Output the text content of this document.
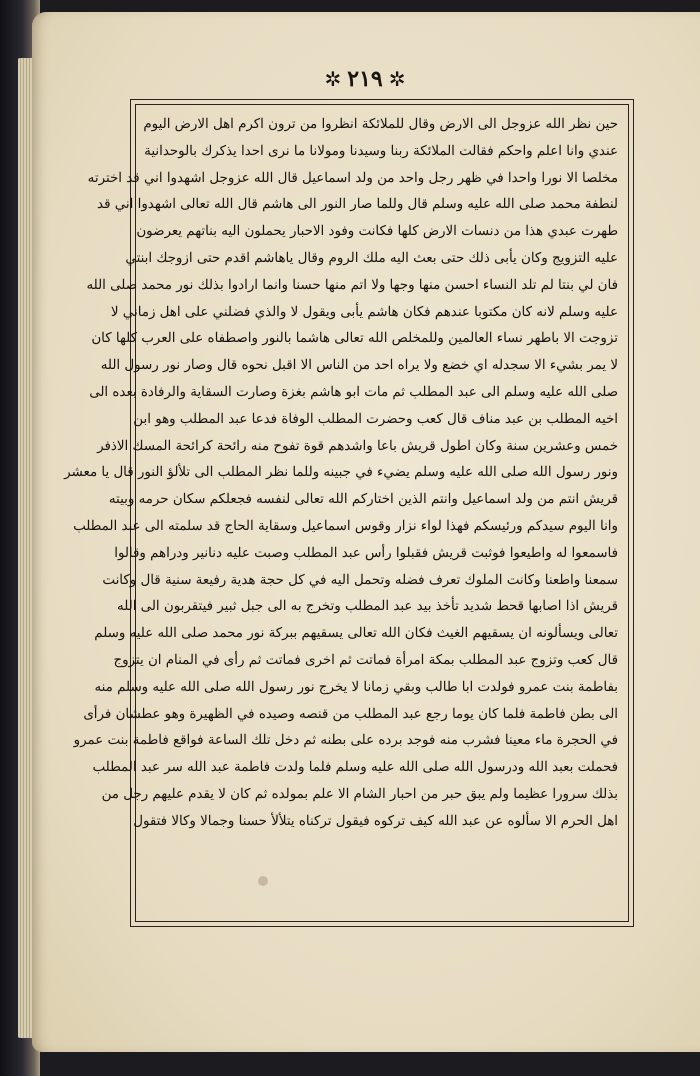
✲ ٢١٩ ✲
حين نظر الله عزوجل الى الارض وقال للملائكة انظروا من ترون اكرم اهل الارض اليوم
عندي وانا اعلم واحكم فقالت الملائكة ربنا وسيدنا ومولانا ما نرى احدا يذكرك بالوحدانية
مخلصا الا نورا واحدا في ظهر رجل واحد من ولد اسماعيل قال الله عزوجل اشهدوا اني قد اخترته
لنطفة محمد صلى الله عليه وسلم قال وللما صار النور الى هاشم قال الله تعالى اشهدوا اني قد
طهرت عبدي هذا من دنسات الارض كلها فكانت وفود الاحبار يحملون اليه بناتهم يعرضون
عليه التزويج وكان يأبى ذلك حتى بعث اليه ملك الروم وقال ياهاشم اقدم حتى ازوجك ابنتي
فان لي بنتا لم تلد النساء احسن منها وجها ولا اتم منها حسنا وانما ارادوا بذلك نور محمد صلى الله
عليه وسلم لانه كان مكتوبا عندهم فكان هاشم يأبى ويقول لا والذي فضلني على اهل زماني لا
تزوجت الا باطهر نساء العالمين وللمخلص الله تعالى هاشما بالنور واصطفاه على العرب كلها كان
لا يمر بشيء الا سجدله اي خضع ولا يراه احد من الناس الا اقبل نحوه قال وصار نور رسول الله
صلى الله عليه وسلم الى عبد المطلب ثم مات ابو هاشم بغزة وصارت السقاية والرفادة بعده الى
اخيه المطلب بن عبد مناف قال كعب وحضرت المطلب الوفاة فدعا عبد المطلب وهو ابن
خمس وعشرين سنة وكان اطول قريش باعا واشدهم قوة تفوح منه رائحة كرائحة المسك الاذفر
ونور رسول الله صلى الله عليه وسلم يضيء في جبينه وللما نظر المطلب الى تلألؤ النور قال يا معشر
قريش انتم من ولد اسماعيل وانتم الذين اختاركم الله تعالى لنفسه فجعلكم سكان حرمه وبيته
وانا اليوم سيدكم ورئيسكم فهذا لواء نزار وقوس اسماعيل وسقاية الحاج قد سلمته الى عبد المطلب
فاسمعوا له واطيعوا فوثبت قريش فقبلوا رأس عبد المطلب وصبت عليه دنانير ودراهم وقالوا
سمعنا واطعنا وكانت الملوك تعرف فضله وتحمل اليه في كل حجة هدية رفيعة سنية قال وكانت
قريش اذا اصابها قحط شديد تأخذ بيد عبد المطلب وتخرج به الى جبل ثبير فيتقربون الى الله
تعالى ويسألونه ان يسقيهم الغيث فكان الله تعالى يسقيهم ببركة نور محمد صلى الله عليه وسلم
قال كعب وتزوج عبد المطلب بمكة امرأة فماتت ثم اخرى فماتت ثم رأى في المنام ان يتزوج
بفاطمة بنت عمرو فولدت ابا طالب وبقي زمانا لا يخرج نور رسول الله صلى الله عليه وسلم منه
الى بطن فاطمة فلما كان يوما رجع عبد المطلب من قنصه وصيده في الظهيرة وهو عطشان فرأى
في الحجرة ماء معينا فشرب منه فوجد برده على بطنه ثم دخل تلك الساعة فواقع فاطمة بنت عمرو
فحملت بعبد الله ودرسول الله صلى الله عليه وسلم فلما ولدت فاطمة عبد الله سر عبد المطلب
بذلك سرورا عظيما ولم يبق حبر من احبار الشام الا علم بمولده ثم كان لا يقدم عليهم رجل من
اهل الحرم الا سألوه عن عبد الله كيف تركوه فيقول تركناه يتلألأ حسنا وجمالا وكالا فتقول
